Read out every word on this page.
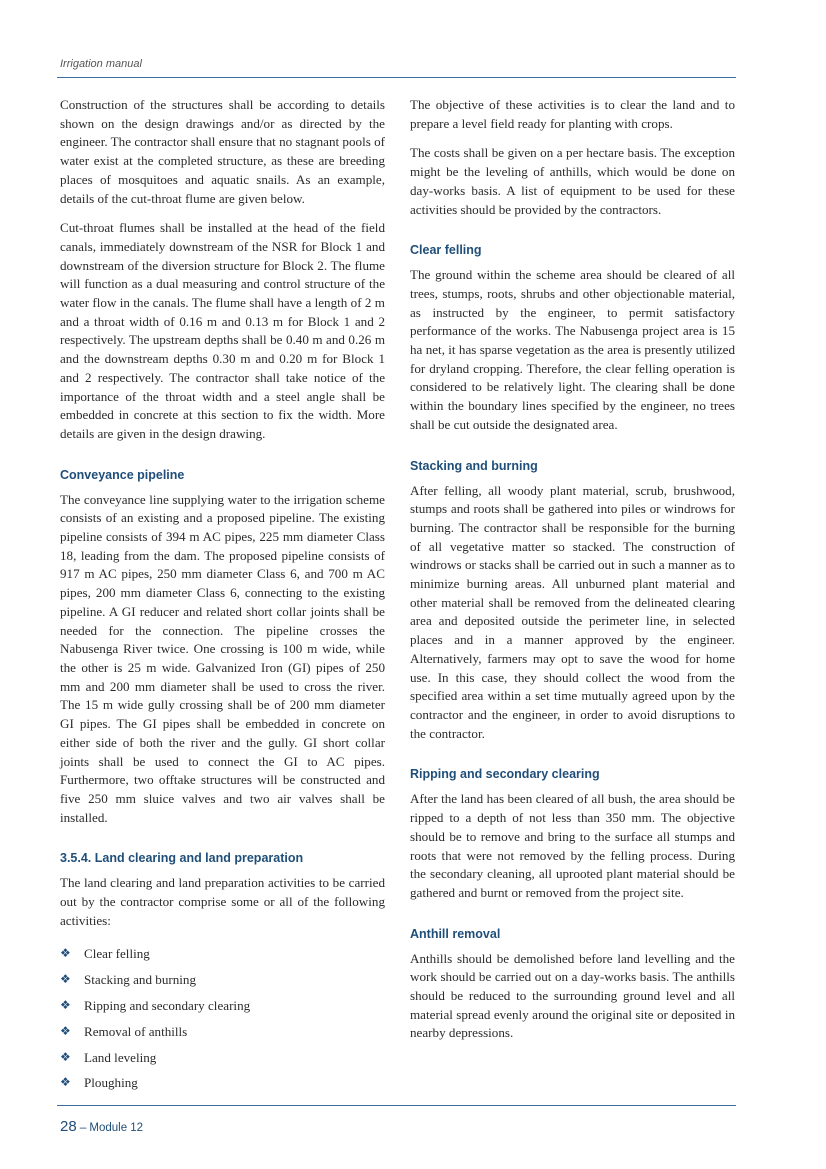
Irrigation manual

Construction of the structures shall be according to details shown on the design drawings and/or as directed by the engineer. The contractor shall ensure that no stagnant pools of water exist at the completed structure, as these are breeding places of mosquitoes and aquatic snails. As an example, details of the cut-throat flume are given below.

Cut-throat flumes shall be installed at the head of the field canals, immediately downstream of the NSR for Block 1 and downstream of the diversion structure for Block 2. The flume will function as a dual measuring and control structure of the water flow in the canals. The flume shall have a length of 2 m and a throat width of 0.16 m and 0.13 m for Block 1 and 2 respectively. The upstream depths shall be 0.40 m and 0.26 m and the downstream depths 0.30 m and 0.20 m for Block 1 and 2 respectively. The contractor shall take notice of the importance of the throat width and a steel angle shall be embedded in concrete at this section to fix the width. More details are given in the design drawing.

Conveyance pipeline

The conveyance line supplying water to the irrigation scheme consists of an existing and a proposed pipeline. The existing pipeline consists of 394 m AC pipes, 225 mm diameter Class 18, leading from the dam. The proposed pipeline consists of 917 m AC pipes, 250 mm diameter Class 6, and 700 m AC pipes, 200 mm diameter Class 6, connecting to the existing pipeline. A GI reducer and related short collar joints shall be needed for the connection. The pipeline crosses the Nabusenga River twice. One crossing is 100 m wide, while the other is 25 m wide. Galvanized Iron (GI) pipes of 250 mm and 200 mm diameter shall be used to cross the river. The 15 m wide gully crossing shall be of 200 mm diameter GI pipes. The GI pipes shall be embedded in concrete on either side of both the river and the gully. GI short collar joints shall be used to connect the GI to AC pipes. Furthermore, two offtake structures will be constructed and five 250 mm sluice valves and two air valves shall be installed.

3.5.4. Land clearing and land preparation

The land clearing and land preparation activities to be carried out by the contractor comprise some or all of the following activities:

❖ Clear felling
❖ Stacking and burning
❖ Ripping and secondary clearing
❖ Removal of anthills
❖ Land leveling
❖ Ploughing

The objective of these activities is to clear the land and to prepare a level field ready for planting with crops.

The costs shall be given on a per hectare basis. The exception might be the leveling of anthills, which would be done on day-works basis. A list of equipment to be used for these activities should be provided by the contractors.

Clear felling

The ground within the scheme area should be cleared of all trees, stumps, roots, shrubs and other objectionable material, as instructed by the engineer, to permit satisfactory performance of the works. The Nabusenga project area is 15 ha net, it has sparse vegetation as the area is presently utilized for dryland cropping. Therefore, the clear felling operation is considered to be relatively light. The clearing shall be done within the boundary lines specified by the engineer, no trees shall be cut outside the designated area.

Stacking and burning

After felling, all woody plant material, scrub, brushwood, stumps and roots shall be gathered into piles or windrows for burning. The contractor shall be responsible for the burning of all vegetative matter so stacked. The construction of windrows or stacks shall be carried out in such a manner as to minimize burning areas. All unburned plant material and other material shall be removed from the delineated clearing area and deposited outside the perimeter line, in selected places and in a manner approved by the engineer. Alternatively, farmers may opt to save the wood for home use. In this case, they should collect the wood from the specified area within a set time mutually agreed upon by the contractor and the engineer, in order to avoid disruptions to the contractor.

Ripping and secondary clearing

After the land has been cleared of all bush, the area should be ripped to a depth of not less than 350 mm. The objective should be to remove and bring to the surface all stumps and roots that were not removed by the felling process. During the secondary cleaning, all uprooted plant material should be gathered and burnt or removed from the project site.

Anthill removal

Anthills should be demolished before land levelling and the work should be carried out on a day-works basis. The anthills should be reduced to the surrounding ground level and all material spread evenly around the original site or deposited in nearby depressions.

28 – Module 12
